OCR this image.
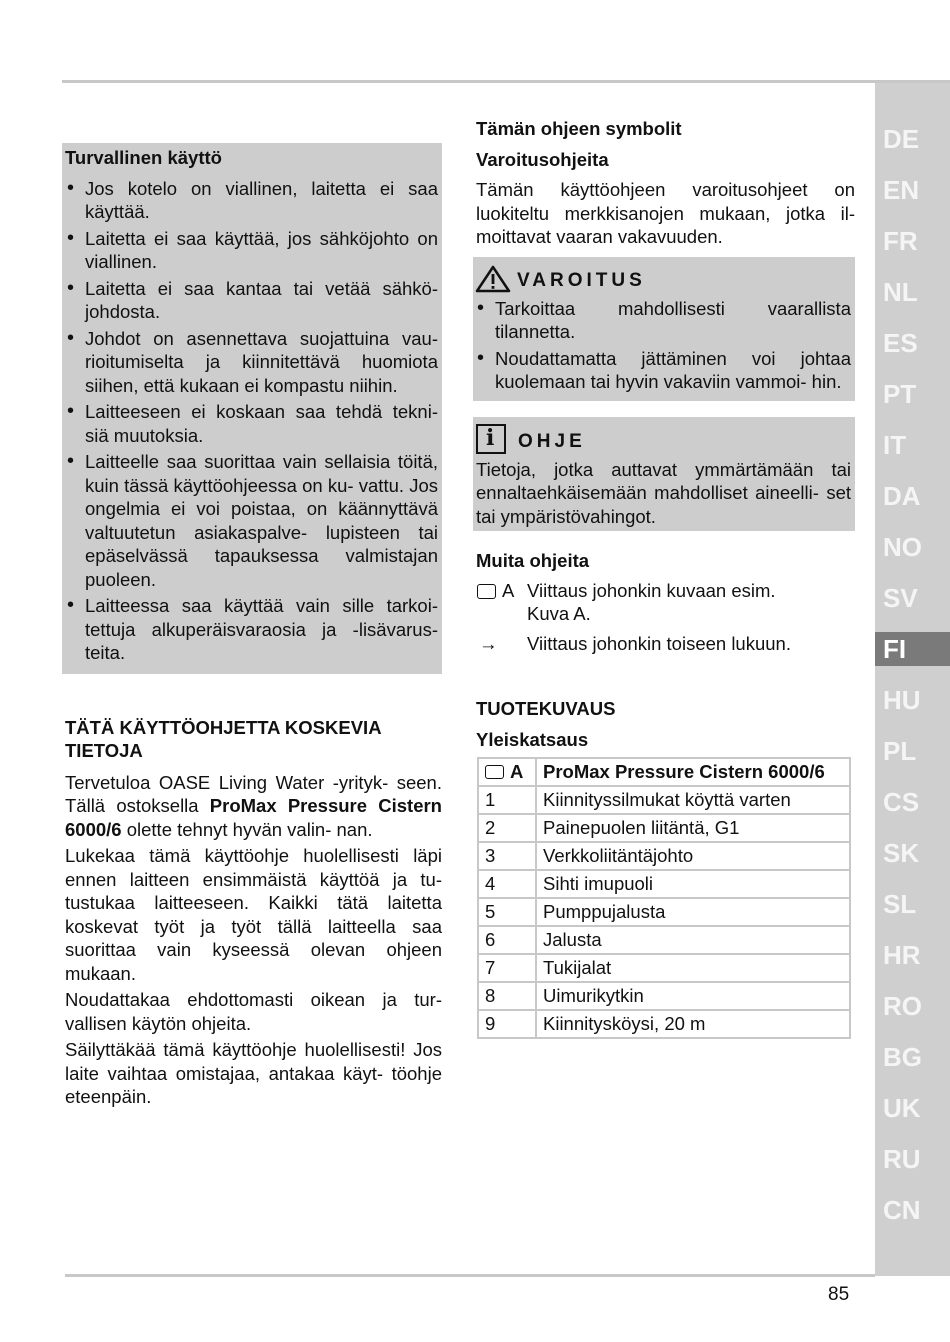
DE
EN
FR
NL
ES
PT
IT
DA
NO
SV
FI
HU
PL
CS
SK
SL
HR
RO
BG
UK
RU
CN
Turvallinen käyttö
• Jos kotelo on viallinen, laitetta ei saa käyttää.
• Laitetta ei saa käyttää, jos sähköjohto on viallinen.
• Laitetta ei saa kantaa tai vetää sähkö- johdosta.
• Johdot on asennettava suojattuina vau- rioitumiselta ja kiinnitettävä huomiota siihen, että kukaan ei kompastu niihin.
• Laitteeseen ei koskaan saa tehdä tekni- siä muutoksia.
• Laitteelle saa suorittaa vain sellaisia töitä, kuin tässä käyttöohjeessa on ku- vattu. Jos ongelmia ei voi poistaa, on käännyttävä valtuutetun asiakaspalve- lupisteen tai epäselvässä tapauksessa valmistajan puoleen.
• Laitteessa saa käyttää vain sille tarkoi- tettuja alkuperäisvaraosia ja -lisävarus- teita.
TÄTÄ KÄYTTÖOHJETTA KOSKEVIA TIETOJA

Tervetuloa OASE Living Water -yrityk- seen. Tällä ostoksella ProMax Pressure Cistern 6000/6 olette tehnyt hyvän valin- nan.

Lukekaa tämä käyttöohje huolellisesti läpi ennen laitteen ensimmäistä käyttöä ja tu- tustukaa laitteeseen. Kaikki tätä laitetta koskevat työt ja työt tällä laitteella saa suorittaa vain kyseessä olevan ohjeen mukaan.

Noudattakaa ehdottomasti oikean ja tur- vallisen käytön ohjeita.

Säilyttäkää tämä käyttöohje huolellisesti! Jos laite vaihtaa omistajaa, antakaa käyt- töohje eteenpäin.

Tämän ohjeen symbolit
Varoitusohjeita

Tämän käyttöohjeen varoitusohjeet on luokiteltu merkkisanojen mukaan, jotka il- moittavat vaaran vakavuuden.

VAROITUS
• Tarkoittaa mahdollisesti vaarallista tilannetta.
• Noudattamatta jättäminen voi johtaa kuolemaan tai hyvin vakaviin vammoi- hin.
i OHJE
Tietoja, jotka auttavat ymmärtämään tai ennaltaehkäisemään mahdolliset aineelli- set tai ympäristövahingot.
Muita ohjeita
A Viittaus johonkin kuvaan esim. Kuva A.
→ Viittaus johonkin toiseen lukuun.
TUOTEKUVAUS
Yleiskatsaus
A	ProMax Pressure Cistern 6000/6
1	Kiinnityssilmukat köyttä varten
2	Painepuolen liitäntä, G1
3	Verkkoliitäntäjohto
4	Sihti imupuoli
5	Pumppujalusta
6	Jalusta
7	Tukijalat
8	Uimurikytkin
9	Kiinnitysköysi, 20 m
85
